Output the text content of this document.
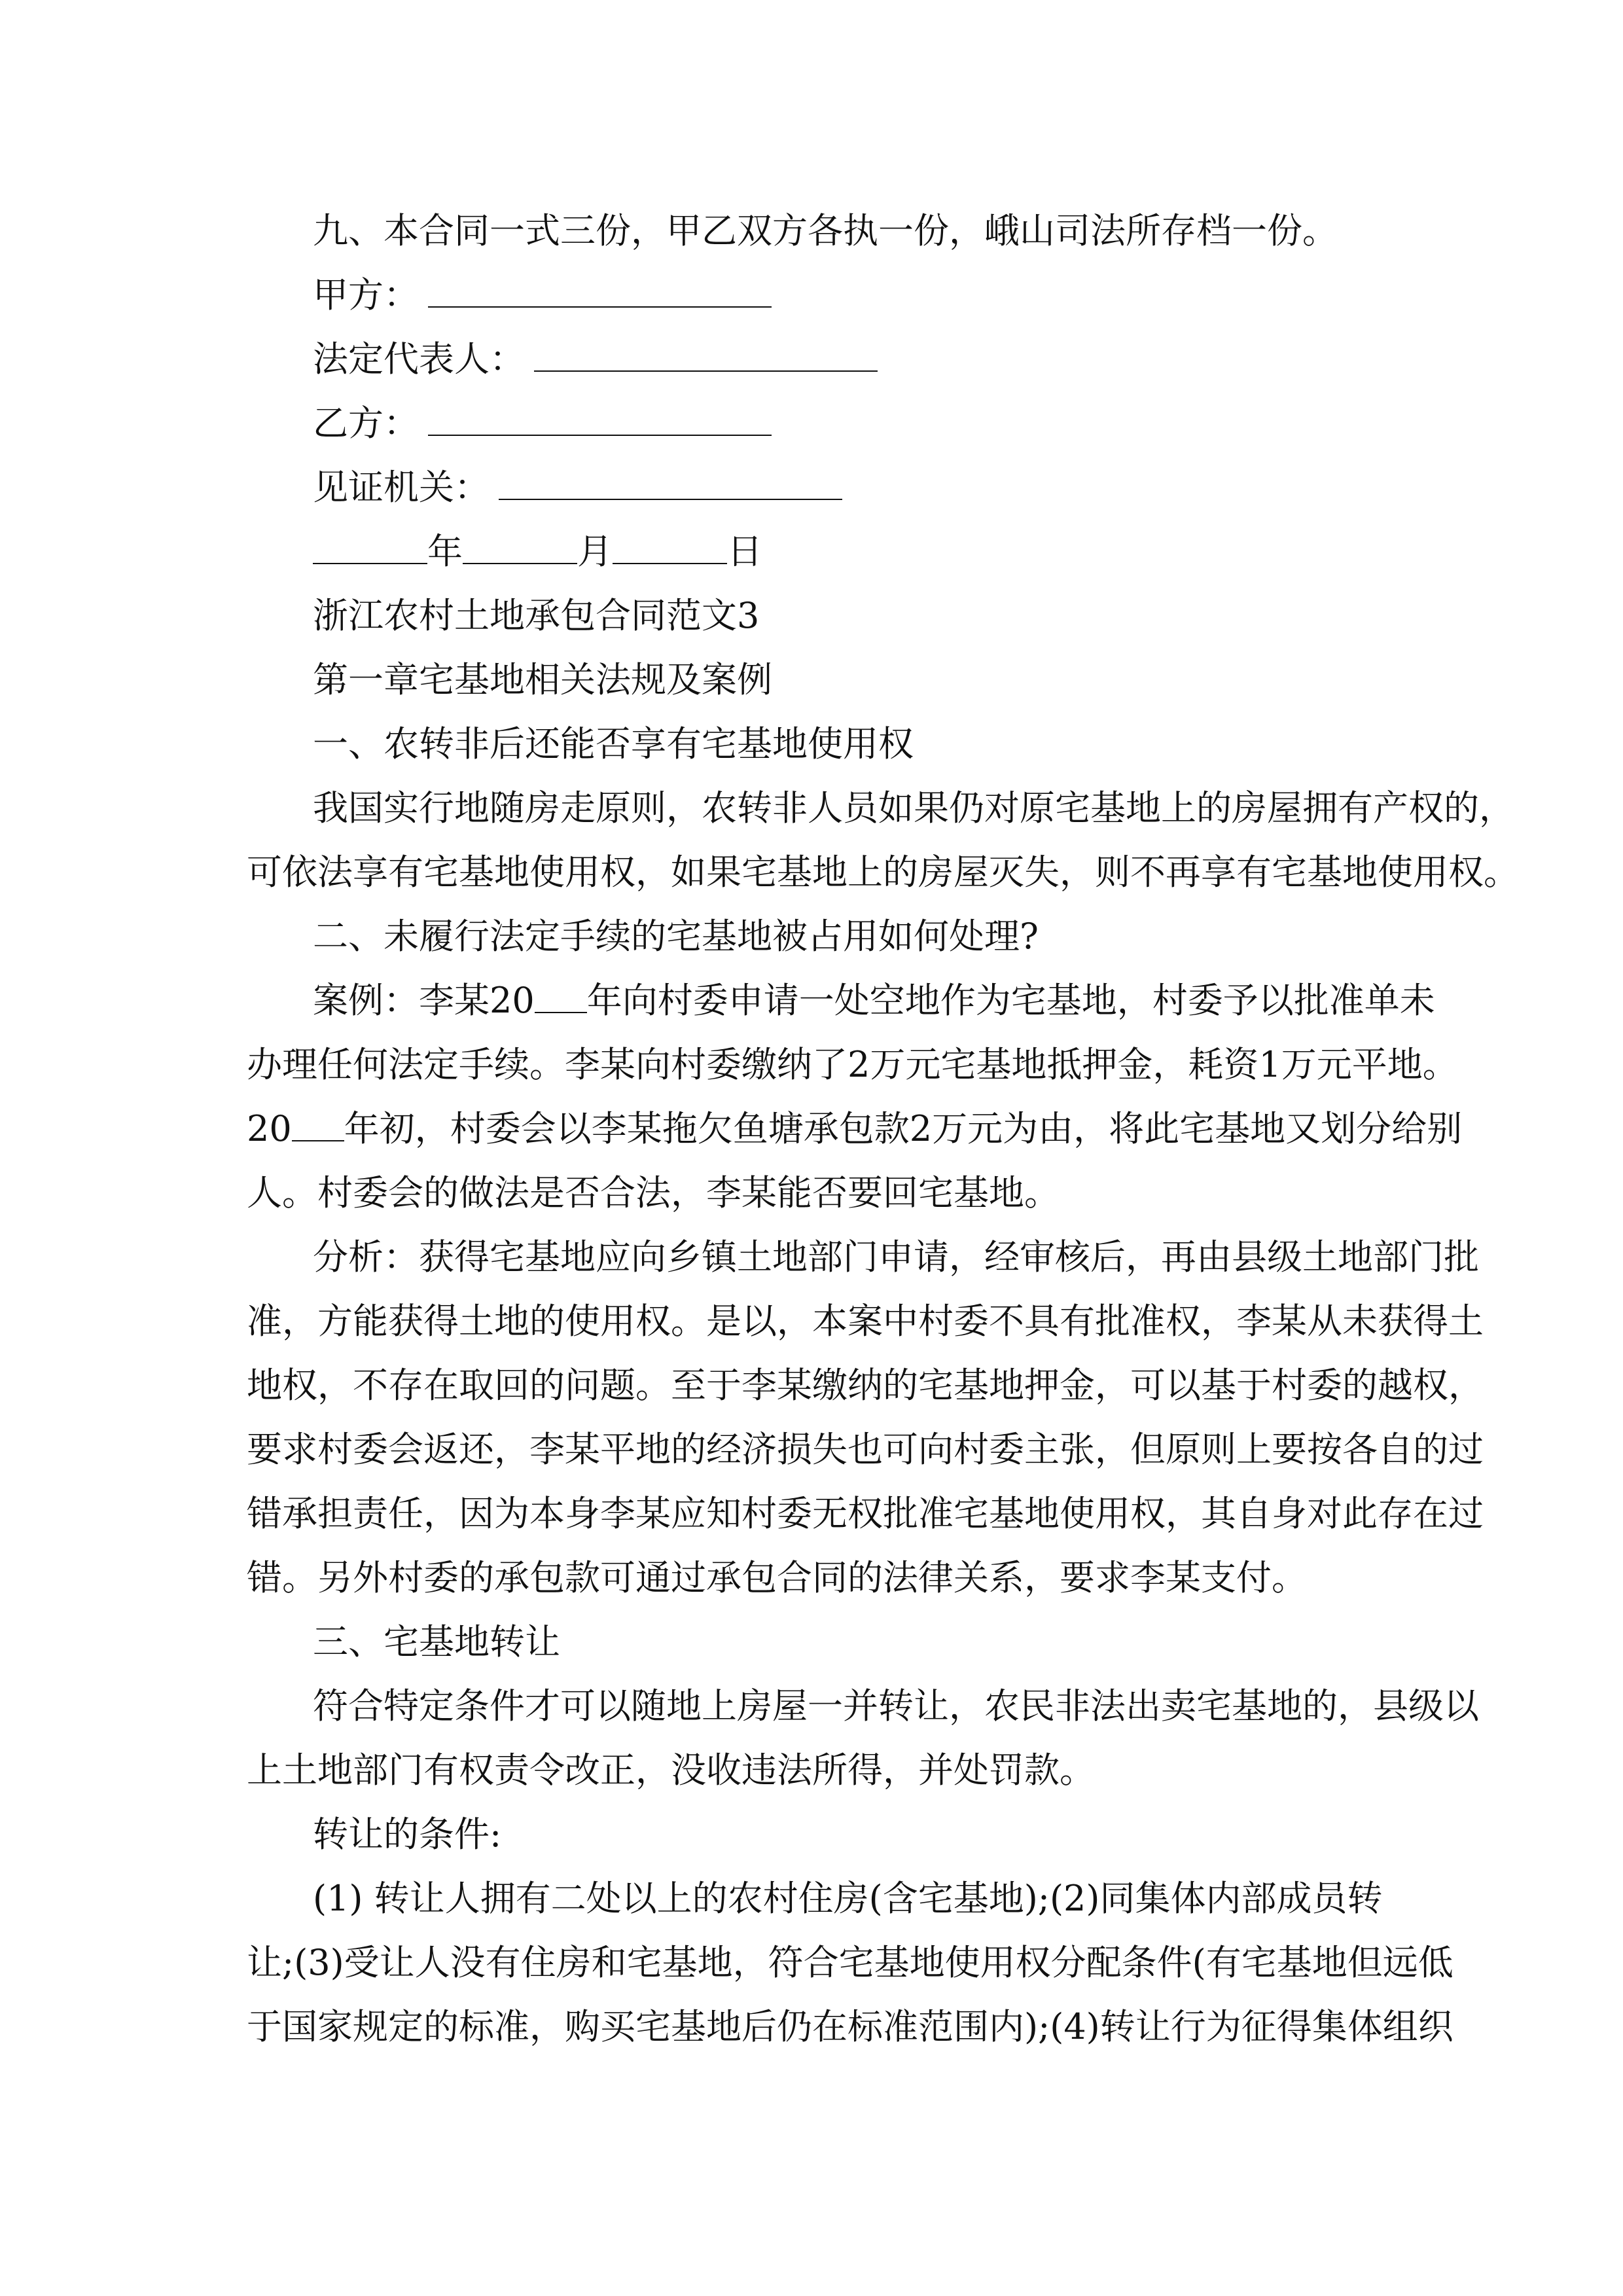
九、本合同一式三份，甲乙双方各执一份，峨山司法所存档一份。
甲方：
法定代表人：
乙方：
见证机关：
年	月	日
浙江农村土地承包合同范文3
第一章宅基地相关法规及案例
一、农转非后还能否享有宅基地使用权
我国实行地随房走原则，农转非人员如果仍对原宅基地上的房屋拥有产权的，
可依法享有宅基地使用权，如果宅基地上的房屋灭失，则不再享有宅基地使用权。
二、未履行法定手续的宅基地被占用如何处理?
案例：李某20 年向村委申请一处空地作为宅基地，村委予以批准单未
办理任何法定手续。李某向村委缴纳了2万元宅基地抵押金，耗资1万元平地。
20 年初，村委会以李某拖欠鱼塘承包款2万元为由，将此宅基地又划分给别
人。村委会的做法是否合法，李某能否要回宅基地。
分析：获得宅基地应向乡镇土地部门申请，经审核后，再由县级土地部门批
准，方能获得土地的使用权。是以，本案中村委不具有批准权，李某从未获得土
地权，不存在取回的问题。至于李某缴纳的宅基地押金，可以基于村委的越权，
要求村委会返还，李某平地的经济损失也可向村委主张，但原则上要按各自的过
错承担责任，因为本身李某应知村委无权批准宅基地使用权，其自身对此存在过
错。另外村委的承包款可通过承包合同的法律关系，要求李某支付。
三、宅基地转让
符合特定条件才可以随地上房屋一并转让，农民非法出卖宅基地的，县级以
上土地部门有权责令改正，没收违法所得，并处罚款。
转让的条件:
(1) 转让人拥有二处以上的农村住房(含宅基地);(2)同集体内部成员转
让;(3)受让人没有住房和宅基地，符合宅基地使用权分配条件(有宅基地但远低
于国家规定的标准，购买宅基地后仍在标准范围内);(4)转让行为征得集体组织
